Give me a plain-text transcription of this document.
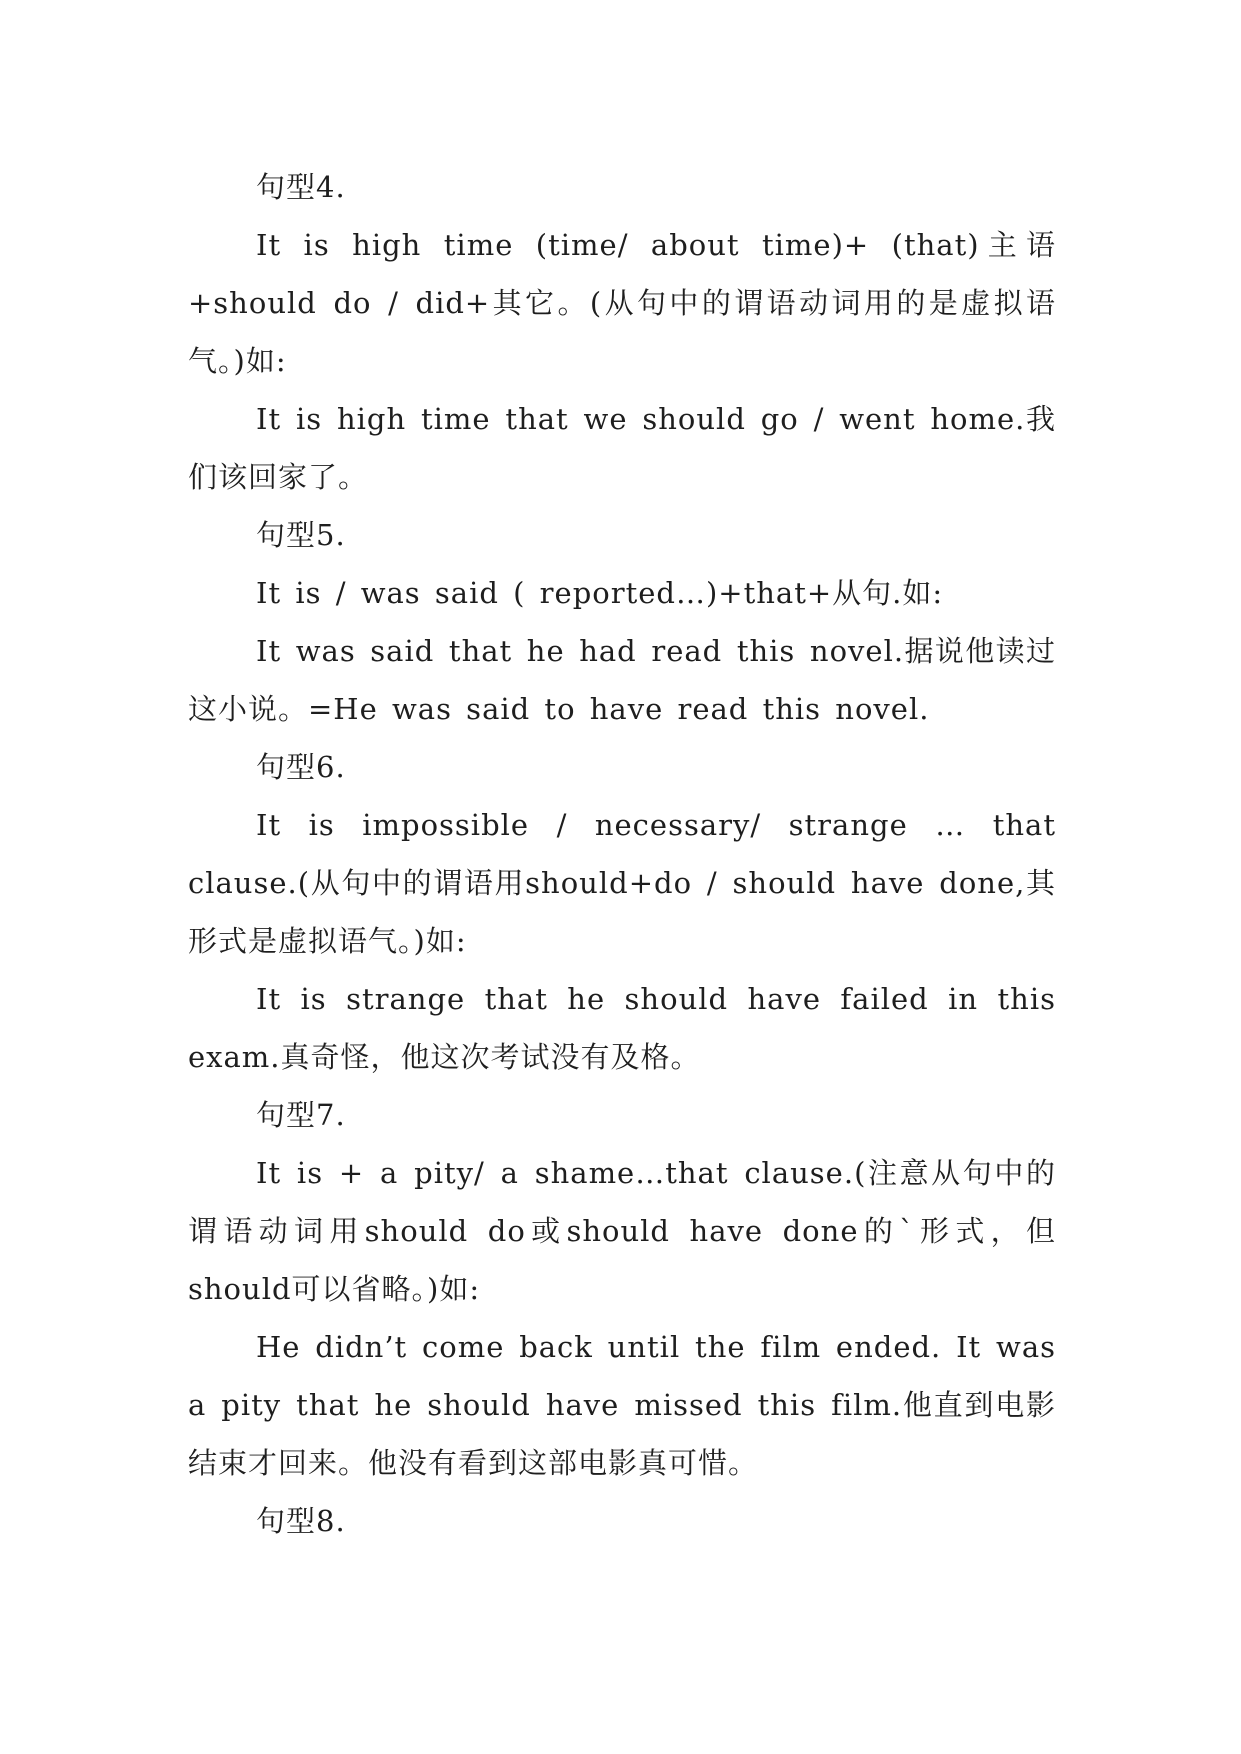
句型4.

It is high time (time/ about time)+ (that)主语+should do / did+其它。(从句中的谓语动词用的是虚拟语气。)如:

It is high time that we should go / went home.我们该回家了。

句型5.

It is / was said ( reported…)+that+从句.如:

It was said that he had read this novel.据说他读过这小说。=He was said to have read this novel.

句型6.

It is impossible / necessary/ strange … that clause.(从句中的谓语用should+do / should have done,其形式是虚拟语气。)如:

It is strange that he should have failed in this exam.真奇怪，他这次考试没有及格。

句型7.

It is + a pity/ a shame…that clause.(注意从句中的谓语动词用should do或should have done的`形式，但should可以省略。)如:

He didn’t come back until the film ended. It was a pity that he should have missed this film.他直到电影结束才回来。他没有看到这部电影真可惜。

句型8.
